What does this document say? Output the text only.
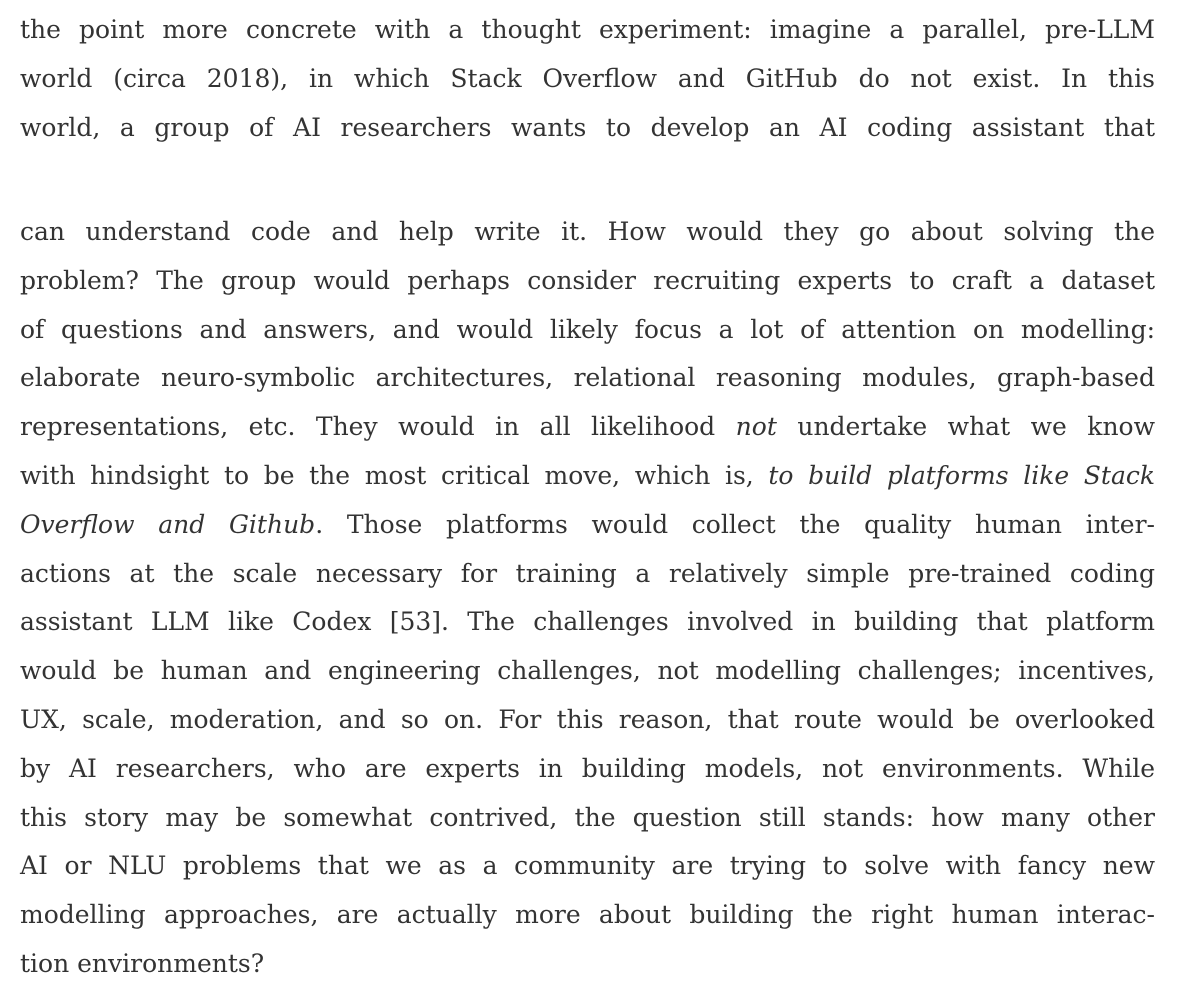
the point more concrete with a thought experiment: imagine a parallel, pre-LLM
world (circa 2018), in which Stack Overflow and GitHub do not exist. In this
world, a group of AI researchers wants to develop an AI coding assistant that
can understand code and help write it. How would they go about solving the
problem? The group would perhaps consider recruiting experts to craft a dataset
of questions and answers, and would likely focus a lot of attention on modelling:
elaborate neuro-symbolic architectures, relational reasoning modules, graph-based
representations, etc. They would in all likelihood not undertake what we know
with hindsight to be the most critical move, which is, to build platforms like Stack
Overflow and Github. Those platforms would collect the quality human inter-
actions at the scale necessary for training a relatively simple pre-trained coding
assistant LLM like Codex [53]. The challenges involved in building that platform
would be human and engineering challenges, not modelling challenges; incentives,
UX, scale, moderation, and so on. For this reason, that route would be overlooked
by AI researchers, who are experts in building models, not environments. While
this story may be somewhat contrived, the question still stands: how many other
AI or NLU problems that we as a community are trying to solve with fancy new
modelling approaches, are actually more about building the right human interac-
tion environments?
